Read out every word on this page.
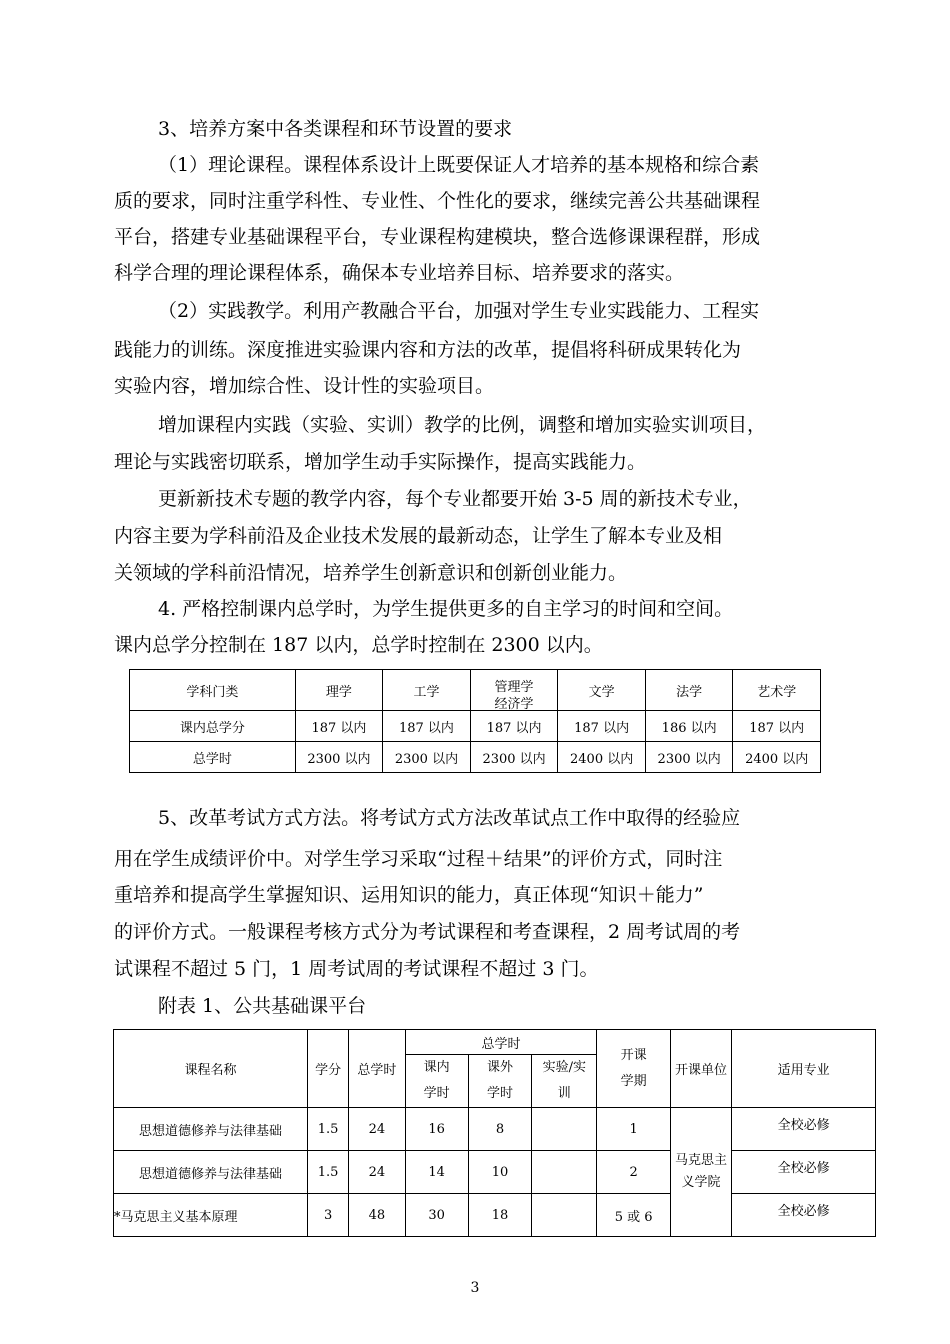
3、培养方案中各类课程和环节设置的要求
（1）理论课程。课程体系设计上既要保证人才培养的基本规格和综合素
质的要求，同时注重学科性、专业性、个性化的要求，继续完善公共基础课程
平台，搭建专业基础课程平台，专业课程构建模块，整合选修课课程群，形成
科学合理的理论课程体系，确保本专业培养目标、培养要求的落实。
（2）实践教学。利用产教融合平台，加强对学生专业实践能力、工程实
践能力的训练。深度推进实验课内容和方法的改革，提倡将科研成果转化为
实验内容，增加综合性、设计性的实验项目。
增加课程内实践（实验、实训）教学的比例，调整和增加实验实训项目，
理论与实践密切联系，增加学生动手实际操作，提高实践能力。
更新新技术专题的教学内容，每个专业都要开始 3-5 周的新技术专业，
内容主要为学科前沿及企业技术发展的最新动态，让学生了解本专业及相
关领域的学科前沿情况，培养学生创新意识和创新创业能力。
4. 严格控制课内总学时，为学生提供更多的自主学习的时间和空间。
课内总学分控制在 187 以内，总学时控制在 2300 以内。
学科门类	理学	工学	管理学经济学	文学	法学	艺术学
课内总学分	187 以内	187 以内	187 以内	187 以内	186 以内	187 以内
总学时	2300 以内	2300 以内	2300 以内	2400 以内	2300 以内	2400 以内
5、改革考试方式方法。将考试方式方法改革试点工作中取得的经验应
用在学生成绩评价中。对学生学习采取“过程＋结果”的评价方式，同时注
重培养和提高学生掌握知识、运用知识的能力，真正体现“知识＋能力”
的评价方式。一般课程考核方式分为考试课程和考查课程，2 周考试周的考
试课程不超过 5 门，1 周考试周的考试课程不超过 3 门。
附表 1、公共基础课平台
课程名称	学分	总学时	总学时			开课学期	开课单位	适用专业

			课内学时	课外学时	实验/实训			

思想道德修养与法律基础	1.5	24	16	8		1	马克思主义学院	全校必修
思想道德修养与法律基础	1.5	24	14	10		2		全校必修
*马克思主义基本原理	3	48	30	18		5 或 6		全校必修
3
